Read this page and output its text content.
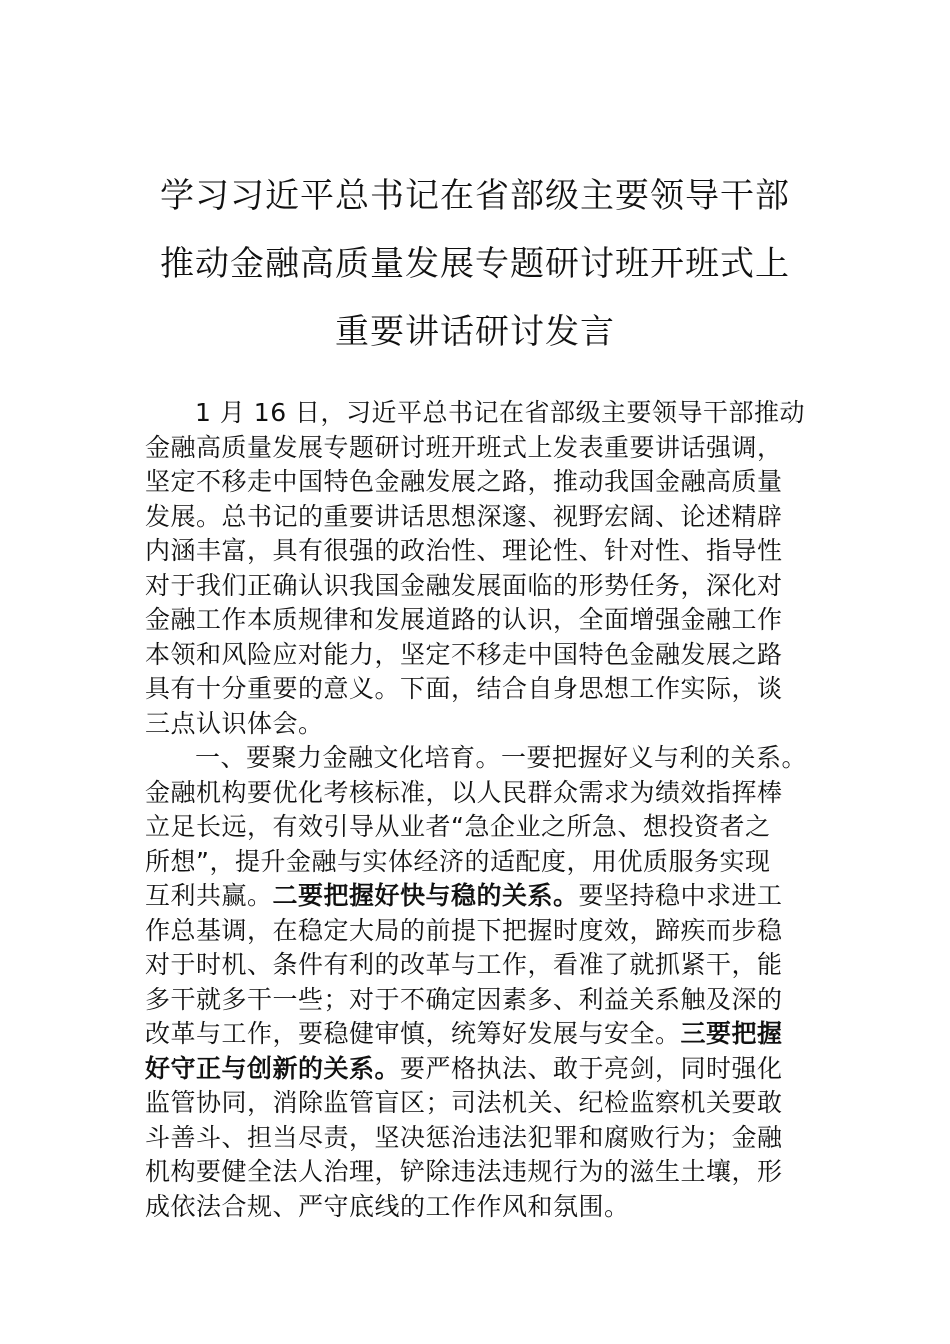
学习习近平总书记在省部级主要领导干部
推动金融高质量发展专题研讨班开班式上
重要讲话研讨发言
1 月 16 日，习近平总书记在省部级主要领导干部推动
金融高质量发展专题研讨班开班式上发表重要讲话强调，
坚定不移走中国特色金融发展之路，推动我国金融高质量
发展。总书记的重要讲话思想深邃、视野宏阔、论述精辟
内涵丰富，具有很强的政治性、理论性、针对性、指导性
对于我们正确认识我国金融发展面临的形势任务，深化对
金融工作本质规律和发展道路的认识，全面增强金融工作
本领和风险应对能力，坚定不移走中国特色金融发展之路
具有十分重要的意义。下面，结合自身思想工作实际，谈
三点认识体会。
一、要聚力金融文化培育。一要把握好义与利的关系。
金融机构要优化考核标准，以人民群众需求为绩效指挥棒
立足长远，有效引导从业者“急企业之所急、想投资者之
所想”，提升金融与实体经济的适配度，用优质服务实现
互利共赢。二要把握好快与稳的关系。要坚持稳中求进工
作总基调，在稳定大局的前提下把握时度效，蹄疾而步稳
对于时机、条件有利的改革与工作，看准了就抓紧干，能
多干就多干一些；对于不确定因素多、利益关系触及深的
改革与工作，要稳健审慎，统筹好发展与安全。三要把握
好守正与创新的关系。要严格执法、敢于亮剑，同时强化
监管协同，消除监管盲区；司法机关、纪检监察机关要敢
斗善斗、担当尽责，坚决惩治违法犯罪和腐败行为；金融
机构要健全法人治理，铲除违法违规行为的滋生土壤，形
成依法合规、严守底线的工作作风和氛围。
